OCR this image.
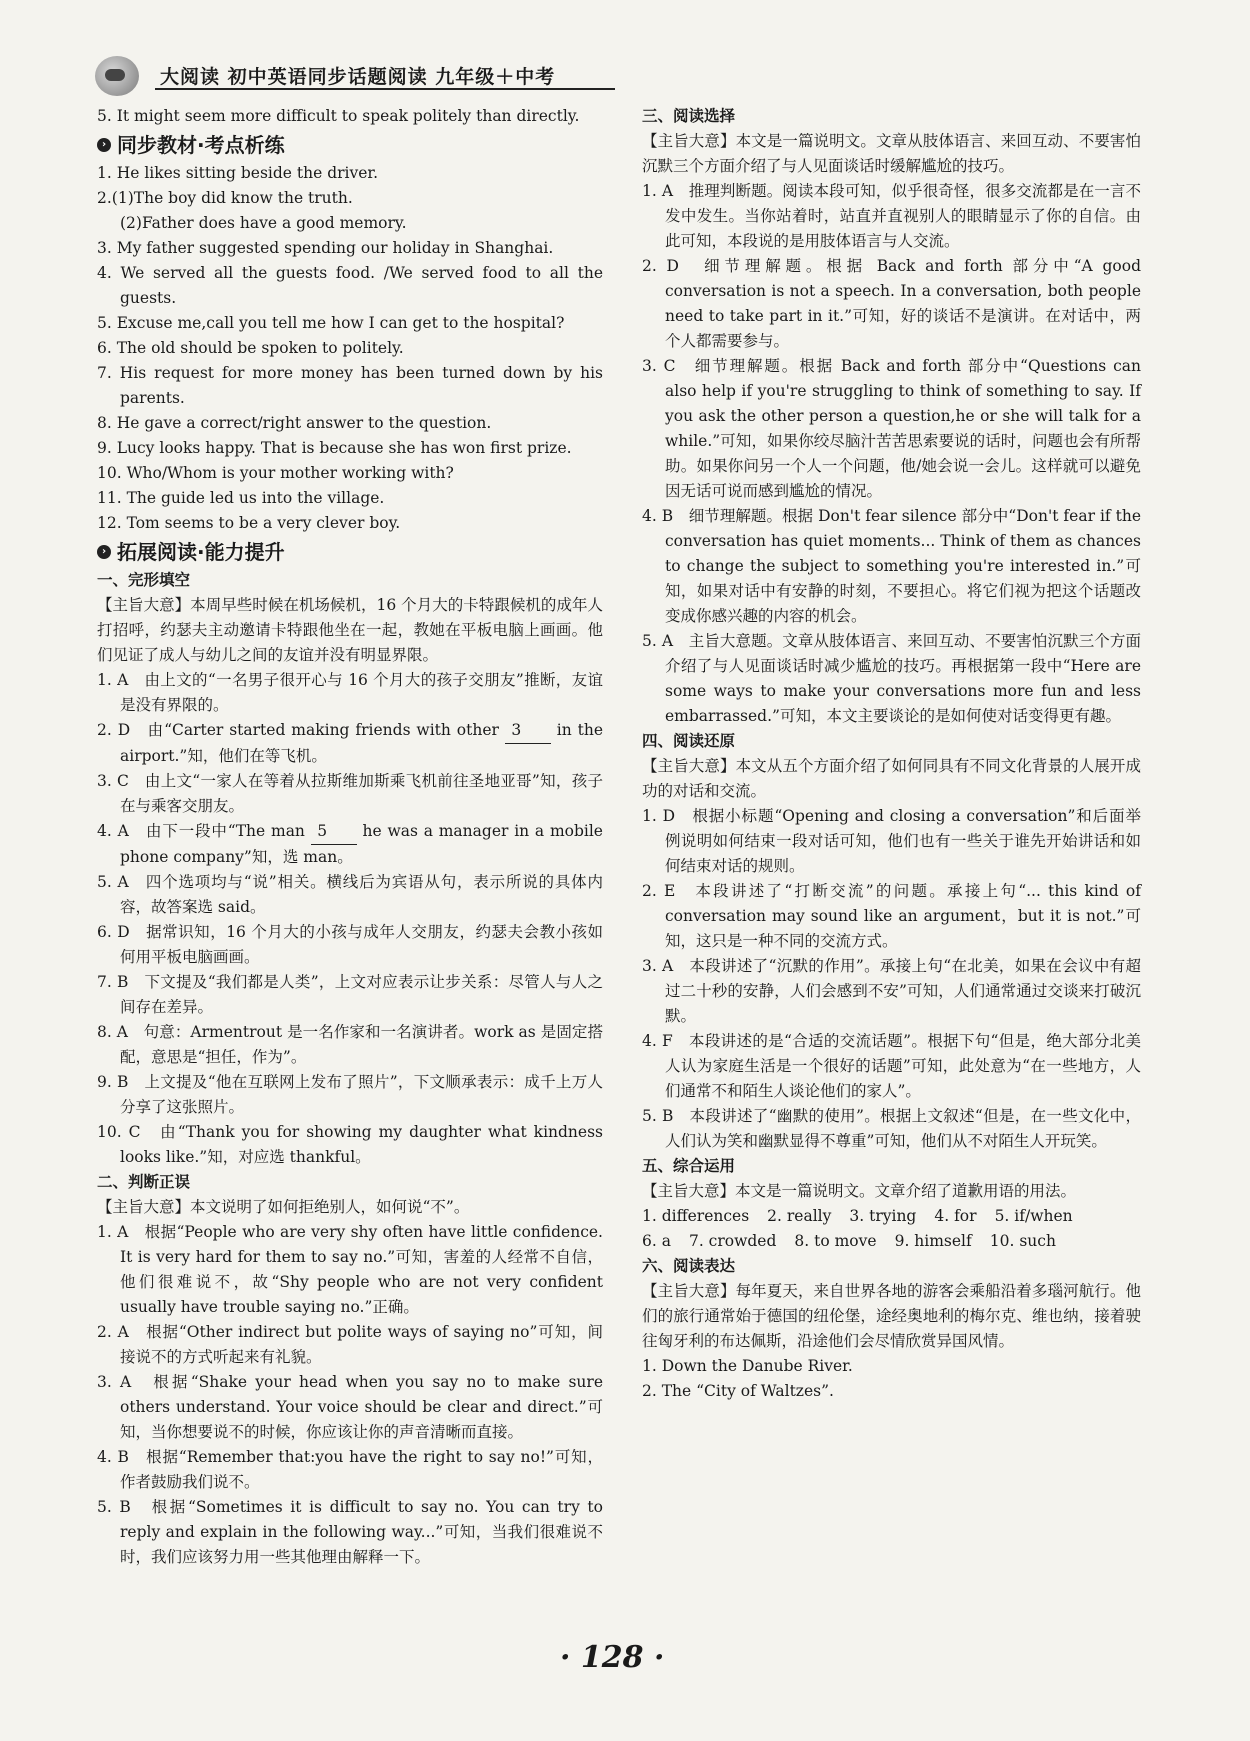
大阅读 初中英语同步话题阅读 九年级＋中考

5. It might seem more difficult to speak politely than directly.

› 同步教材·考点析练

1. He likes sitting beside the driver.

2.(1)The boy did know the truth.

(2)Father does have a good memory.

3. My father suggested spending our holiday in Shanghai.

4. We served all the guests food. /We served food to all the guests.

5. Excuse me,call you tell me how I can get to the hospital?

6. The old should be spoken to politely.

7. His request for more money has been turned down by his parents.

8. He gave a correct/right answer to the question.

9. Lucy looks happy. That is because she has won first prize.

10. Who/Whom is your mother working with?

11. The guide led us into the village.

12. Tom seems to be a very clever boy.

› 拓展阅读·能力提升
一、完形填空

【主旨大意】本周早些时候在机场候机，16 个月大的卡特跟候机的成年人打招呼，约瑟夫主动邀请卡特跟他坐在一起，教她在平板电脑上画画。他们见证了成人与幼儿之间的友谊并没有明显界限。

1. A　由上文的“一名男子很开心与 16 个月大的孩子交朋友”推断，友谊是没有界限的。

2. D　由“Carter started making friends with other 3 in the airport.”知，他们在等飞机。

3. C　由上文“一家人在等着从拉斯维加斯乘飞机前往圣地亚哥”知，孩子在与乘客交朋友。

4. A　由下一段中“The man 5 he was a manager in a mobile phone company”知，选 man。

5. A　四个选项均与“说”相关。横线后为宾语从句，表示所说的具体内容，故答案选 said。

6. D　据常识知，16 个月大的小孩与成年人交朋友，约瑟夫会教小孩如何用平板电脑画画。

7. B　下文提及“我们都是人类”，上文对应表示让步关系：尽管人与人之间存在差异。

8. A　句意：Armentrout 是一名作家和一名演讲者。work as 是固定搭配，意思是“担任，作为”。

9. B　上文提及“他在互联网上发布了照片”，下文顺承表示：成千上万人分享了这张照片。

10. C　由“Thank you for showing my daughter what kindness looks like.”知，对应选 thankful。

二、判断正误

【主旨大意】本文说明了如何拒绝别人，如何说“不”。

1. A　根据“People who are very shy often have little confidence. It is very hard for them to say no.”可知，害羞的人经常不自信，他们很难说不，故“Shy people who are not very confident usually have trouble saying no.”正确。

2. A　根据“Other indirect but polite ways of saying no”可知，间接说不的方式听起来有礼貌。

3. A　根据“Shake your head when you say no to make sure others understand. Your voice should be clear and direct.”可知，当你想要说不的时候，你应该让你的声音清晰而直接。

4. B　根据“Remember that:you have the right to say no!”可知，作者鼓励我们说不。

5. B　根据“Sometimes it is difficult to say no. You can try to reply and explain in the following way...”可知，当我们很难说不时，我们应该努力用一些其他理由解释一下。

三、阅读选择

【主旨大意】本文是一篇说明文。文章从肢体语言、来回互动、不要害怕沉默三个方面介绍了与人见面谈话时缓解尴尬的技巧。

1. A　推理判断题。阅读本段可知，似乎很奇怪，很多交流都是在一言不发中发生。当你站着时，站直并直视别人的眼睛显示了你的自信。由此可知，本段说的是用肢体语言与人交流。

2. D　细节理解题。根据 Back and forth 部分中“A good conversation is not a speech. In a conversation, both people need to take part in it.”可知，好的谈话不是演讲。在对话中，两个人都需要参与。

3. C　细节理解题。根据 Back and forth 部分中“Questions can also help if you're struggling to think of something to say. If you ask the other person a question,he or she will talk for a while.”可知，如果你绞尽脑汁苦苦思索要说的话时，问题也会有所帮助。如果你问另一个人一个问题，他/她会说一会儿。这样就可以避免因无话可说而感到尴尬的情况。

4. B　细节理解题。根据 Don't fear silence 部分中“Don't fear if the conversation has quiet moments... Think of them as chances to change the subject to something you're interested in.”可知，如果对话中有安静的时刻，不要担心。将它们视为把这个话题改变成你感兴趣的内容的机会。

5. A　主旨大意题。文章从肢体语言、来回互动、不要害怕沉默三个方面介绍了与人见面谈话时减少尴尬的技巧。再根据第一段中“Here are some ways to make your conversations more fun and less embarrassed.”可知，本文主要谈论的是如何使对话变得更有趣。

四、阅读还原

【主旨大意】本文从五个方面介绍了如何同具有不同文化背景的人展开成功的对话和交流。

1. D　根据小标题“Opening and closing a conversation”和后面举例说明如何结束一段对话可知，他们也有一些关于谁先开始讲话和如何结束对话的规则。

2. E　本段讲述了“打断交流”的问题。承接上句“... this kind of conversation may sound like an argument，but it is not.”可知，这只是一种不同的交流方式。

3. A　本段讲述了“沉默的作用”。承接上句“在北美，如果在会议中有超过二十秒的安静，人们会感到不安”可知，人们通常通过交谈来打破沉默。

4. F　本段讲述的是“合适的交流话题”。根据下句“但是，绝大部分北美人认为家庭生活是一个很好的话题”可知，此处意为“在一些地方，人们通常不和陌生人谈论他们的家人”。

5. B　本段讲述了“幽默的使用”。根据上文叙述“但是，在一些文化中，人们认为笑和幽默显得不尊重”可知，他们从不对陌生人开玩笑。

五、综合运用

【主旨大意】本文是一篇说明文。文章介绍了道歉用语的用法。

1. differences 2. really 3. trying 4. for 5. if/when
6. a 7. crowded 8. to move 9. himself 10. such
六、阅读表达

【主旨大意】每年夏天，来自世界各地的游客会乘船沿着多瑙河航行。他们的旅行通常始于德国的纽伦堡，途经奥地利的梅尔克、维也纳，接着驶往匈牙利的布达佩斯，沿途他们会尽情欣赏异国风情。

1. Down the Danube River.

2. The “City of Waltzes”.

· 128 ·
